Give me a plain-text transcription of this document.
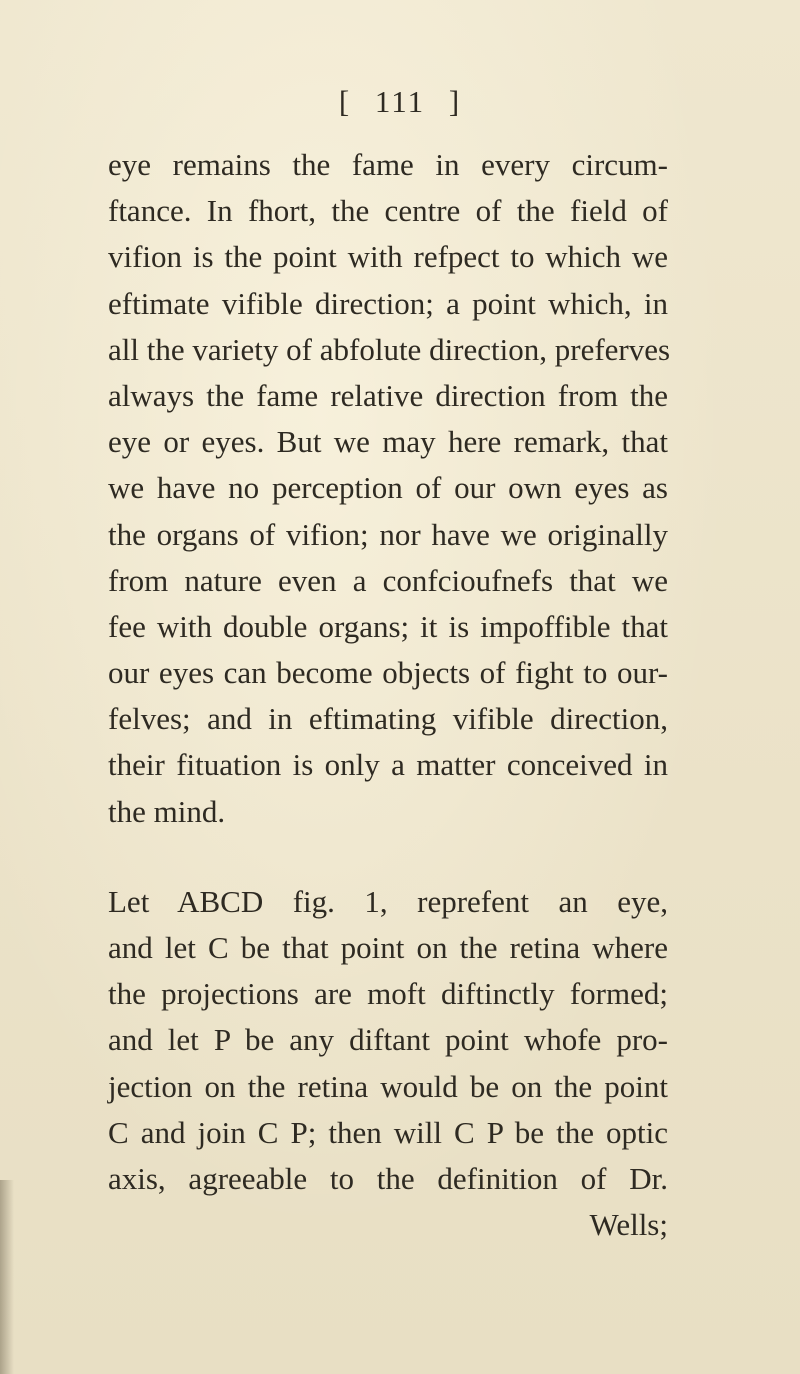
[ 111 ]
eye remains the fame in every circum-
ftance. In fhort, the centre of the field of
vifion is the point with refpect to which we
eftimate vifible direction; a point which, in
all the variety of abfolute direction, preferves
always the fame relative direction from the
eye or eyes. But we may here remark, that
we have no perception of our own eyes as
the organs of vifion; nor have we originally
from nature even a confcioufnefs that we
fee with double organs; it is impoffible that
our eyes can become objects of fight to our-
felves; and in eftimating vifible direction,
their fituation is only a matter conceived in
the mind.
Let ABCD fig. 1, reprefent an eye,
and let C be that point on the retina where
the projections are moft diftinctly formed;
and let P be any diftant point whofe pro-
jection on the retina would be on the point
C and join C P; then will C P be the optic
axis, agreeable to the definition of Dr.
Wells;
